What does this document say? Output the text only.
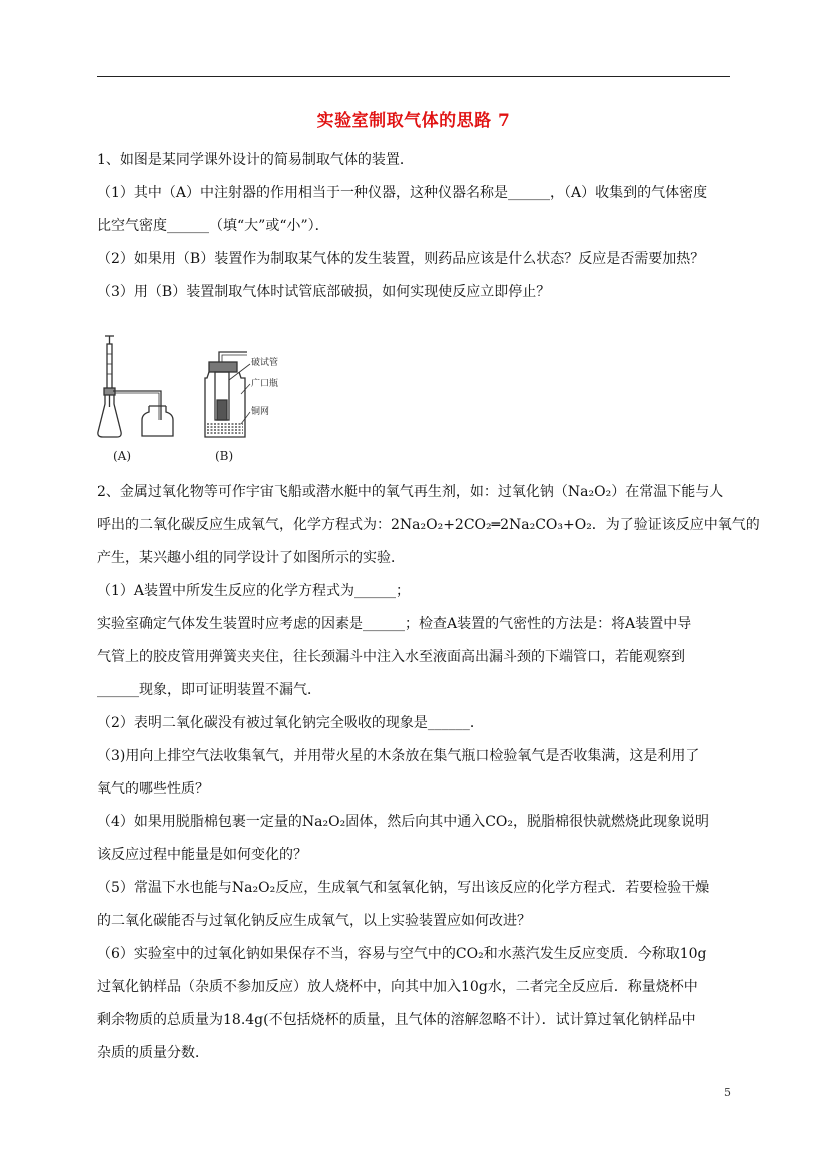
实验室制取气体的思路 7
1、如图是某同学课外设计的简易制取气体的装置．
（1）其中（A）中注射器的作用相当于一种仪器，这种仪器名称是______，（A）收集到的气体密度
比空气密度______（填“大”或“小”）．
（2）如果用（B）装置作为制取某气体的发生装置，则药品应该是什么状态？反应是否需要加热？
（3）用（B）装置制取气体时试管底部破损，如何实现使反应立即停止？
破试管
广口瓶
铜网
(A)	(B)
2、金属过氧化物等可作宇宙飞船或潜水艇中的氧气再生剂，如：过氧化钠（Na₂O₂）在常温下能与人
呼出的二氧化碳反应生成氧气，化学方程式为：2Na₂O₂+2CO₂═2Na₂CO₃+O₂．为了验证该反应中氧气的
产生，某兴趣小组的同学设计了如图所示的实验．
（1）A装置中所发生反应的化学方程式为______；
实验室确定气体发生装置时应考虑的因素是______；检查A装置的气密性的方法是：将A装置中导
气管上的胶皮管用弹簧夹夹住，往长颈漏斗中注入水至液面高出漏斗颈的下端管口，若能观察到
______现象，即可证明装置不漏气．
（2）表明二氧化碳没有被过氧化钠完全吸收的现象是______．
（3)用向上排空气法收集氧气，并用带火星的木条放在集气瓶口检验氧气是否收集满，这是利用了
氧气的哪些性质？
（4）如果用脱脂棉包裹一定量的Na₂O₂固体，然后向其中通入CO₂，脱脂棉很快就燃烧此现象说明
该反应过程中能量是如何变化的？
（5）常温下水也能与Na₂O₂反应，生成氧气和氢氧化钠，写出该反应的化学方程式．若要检验干燥
的二氧化碳能否与过氧化钠反应生成氧气，以上实验装置应如何改进？
（6）实验室中的过氧化钠如果保存不当，容易与空气中的CO₂和水蒸汽发生反应变质．今称取10g
过氧化钠样品（杂质不参加反应）放人烧杯中，向其中加入10g水，二者完全反应后．称量烧杯中
剩余物质的总质量为18.4g(不包括烧杯的质量，且气体的溶解忽略不计）．试计算过氧化钠样品中
杂质的质量分数．
5
